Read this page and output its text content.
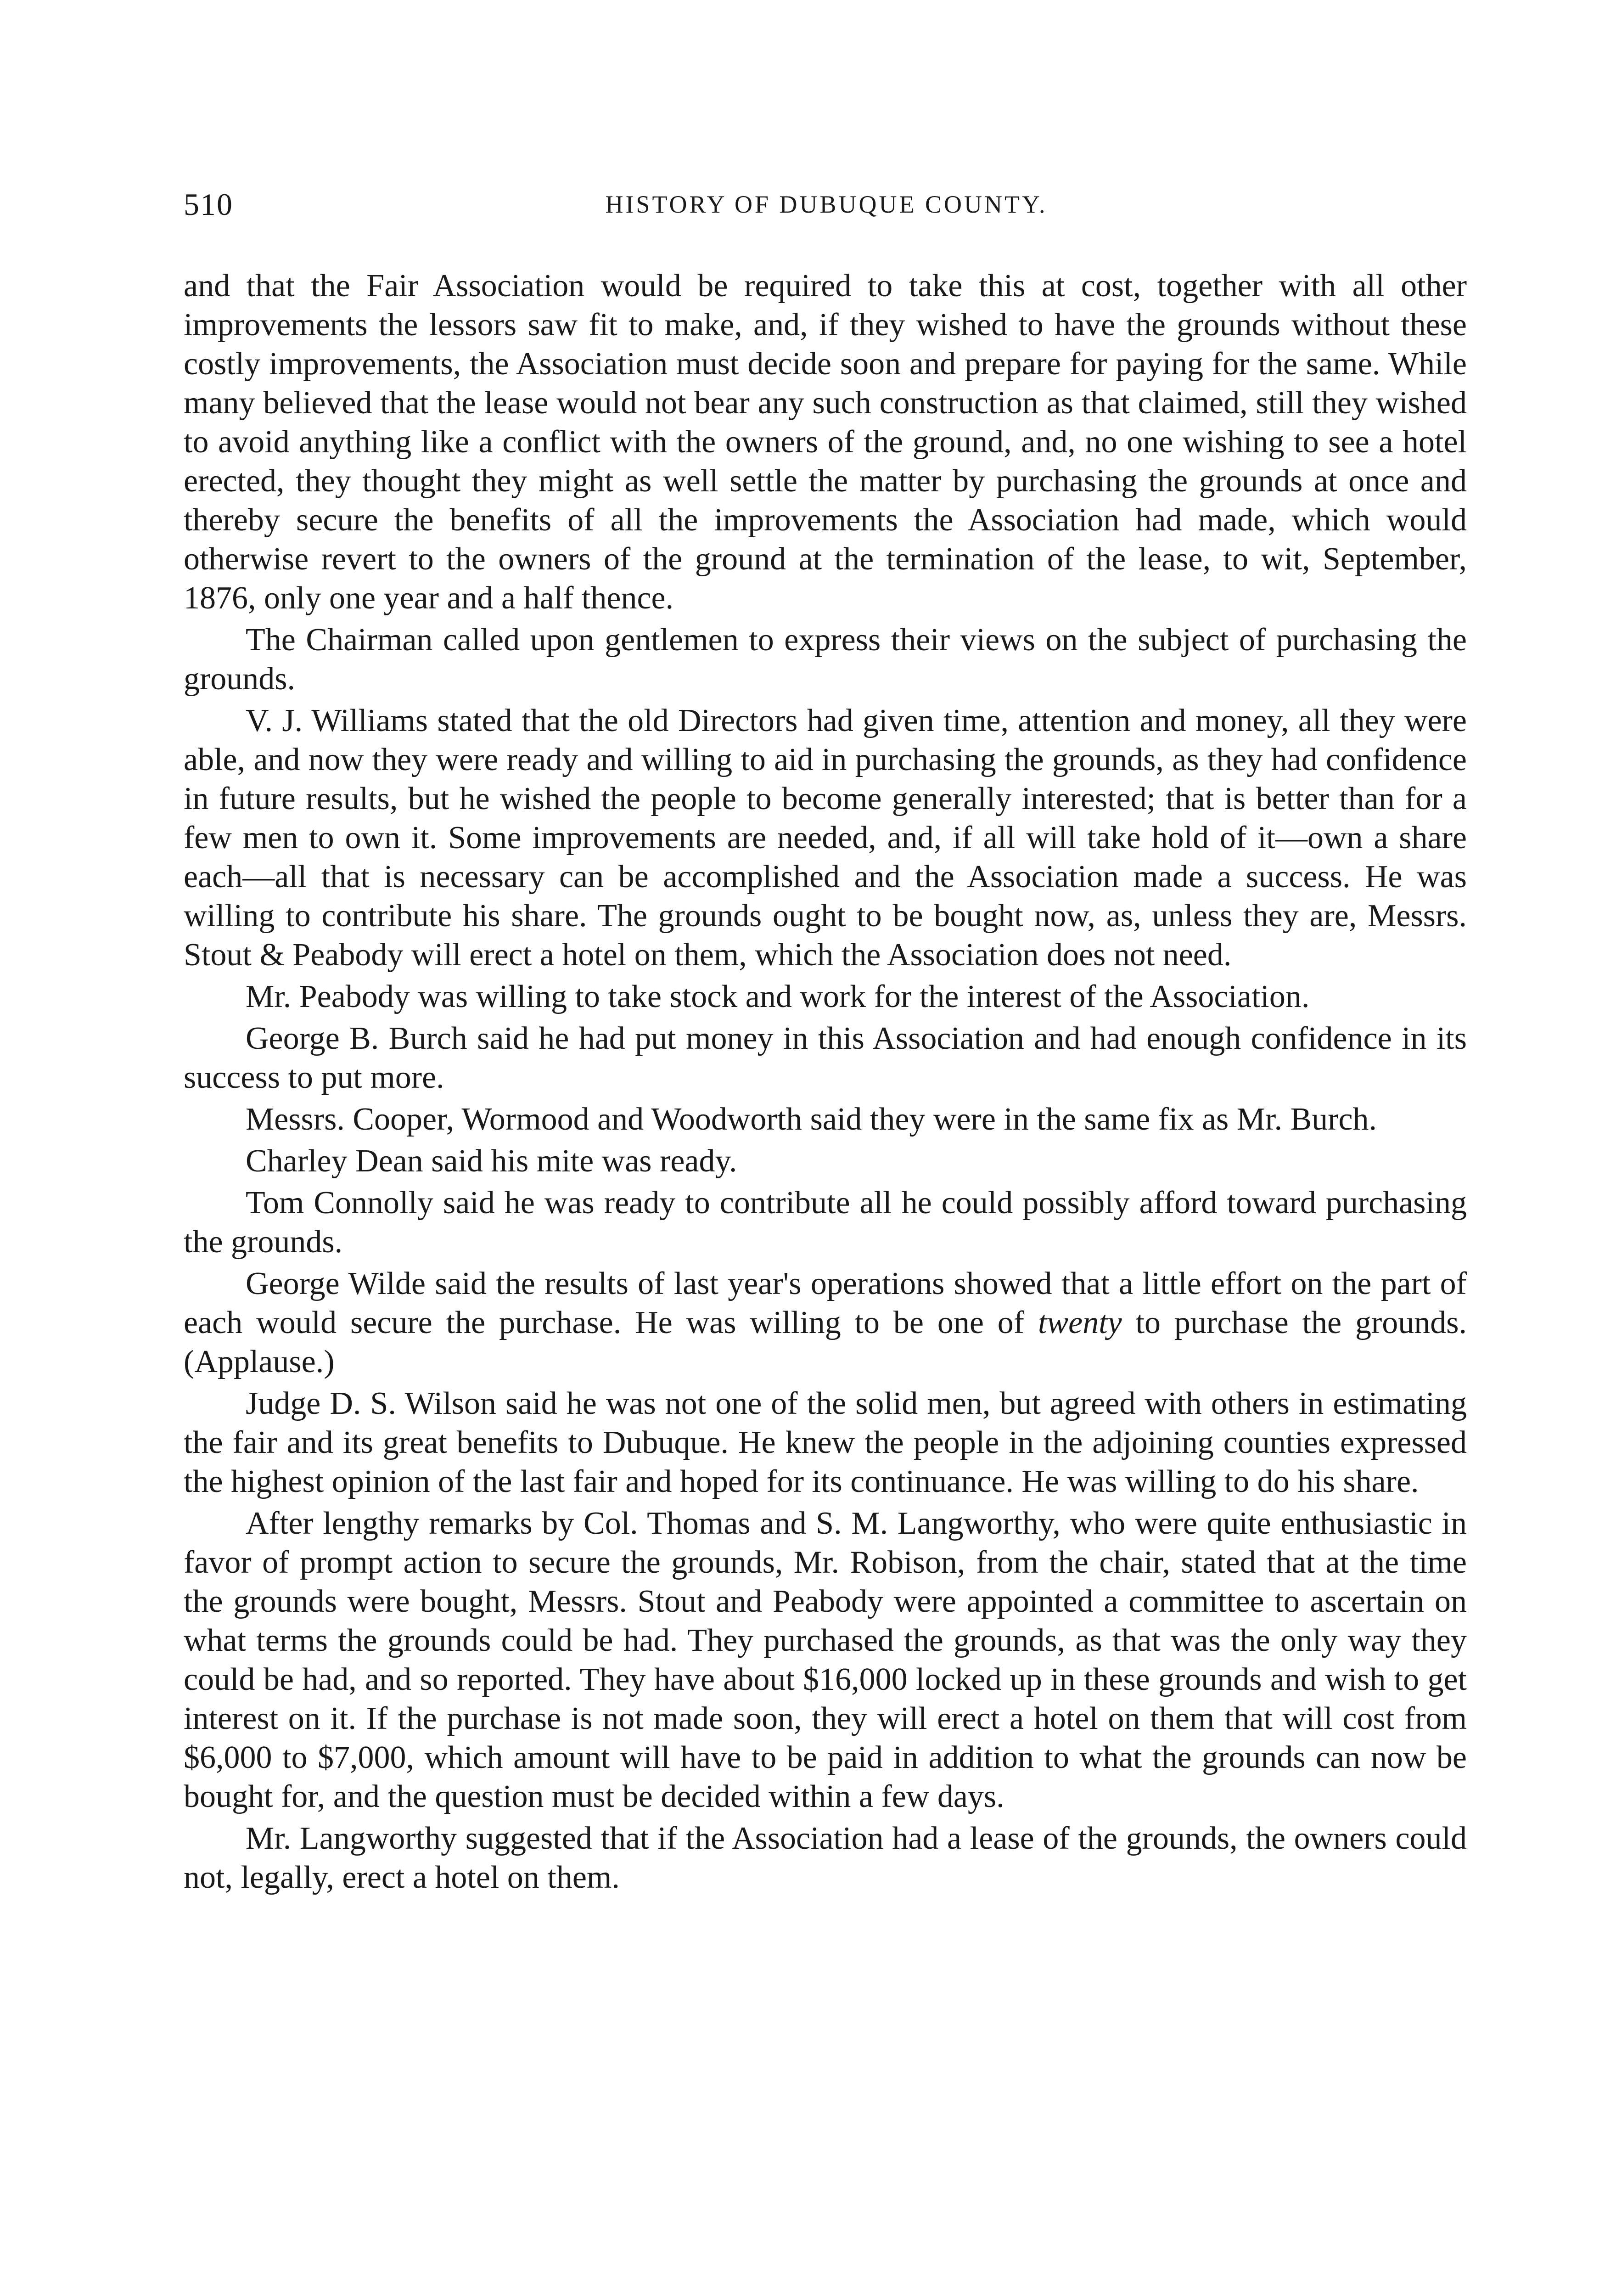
510	HISTORY OF DUBUQUE COUNTY.

and that the Fair Association would be required to take this at cost, together with all other improvements the lessors saw fit to make, and, if they wished to have the grounds without these costly improvements, the Association must decide soon and prepare for paying for the same. While many believed that the lease would not bear any such construction as that claimed, still they wished to avoid anything like a conflict with the owners of the ground, and, no one wishing to see a hotel erected, they thought they might as well settle the matter by purchasing the grounds at once and thereby secure the benefits of all the improvements the Association had made, which would otherwise revert to the owners of the ground at the termination of the lease, to wit, September, 1876, only one year and a half thence.

The Chairman called upon gentlemen to express their views on the subject of purchasing the grounds.

V. J. Williams stated that the old Directors had given time, attention and money, all they were able, and now they were ready and willing to aid in purchasing the grounds, as they had confidence in future results, but he wished the people to become generally interested; that is better than for a few men to own it. Some improvements are needed, and, if all will take hold of it—own a share each—all that is necessary can be accomplished and the Association made a success. He was willing to contribute his share. The grounds ought to be bought now, as, unless they are, Messrs. Stout & Peabody will erect a hotel on them, which the Association does not need.

Mr. Peabody was willing to take stock and work for the interest of the Association.

George B. Burch said he had put money in this Association and had enough confidence in its success to put more.

Messrs. Cooper, Wormood and Woodworth said they were in the same fix as Mr. Burch.

Charley Dean said his mite was ready.

Tom Connolly said he was ready to contribute all he could possibly afford toward purchasing the grounds.

George Wilde said the results of last year's operations showed that a little effort on the part of each would secure the purchase. He was willing to be one of twenty to purchase the grounds. (Applause.)

Judge D. S. Wilson said he was not one of the solid men, but agreed with others in estimating the fair and its great benefits to Dubuque. He knew the people in the adjoining counties expressed the highest opinion of the last fair and hoped for its continuance. He was willing to do his share.

After lengthy remarks by Col. Thomas and S. M. Langworthy, who were quite enthusiastic in favor of prompt action to secure the grounds, Mr. Robison, from the chair, stated that at the time the grounds were bought, Messrs. Stout and Peabody were appointed a committee to ascertain on what terms the grounds could be had. They purchased the grounds, as that was the only way they could be had, and so reported. They have about $16,000 locked up in these grounds and wish to get interest on it. If the purchase is not made soon, they will erect a hotel on them that will cost from $6,000 to $7,000, which amount will have to be paid in addition to what the grounds can now be bought for, and the question must be decided within a few days.

Mr. Langworthy suggested that if the Association had a lease of the grounds, the owners could not, legally, erect a hotel on them.
